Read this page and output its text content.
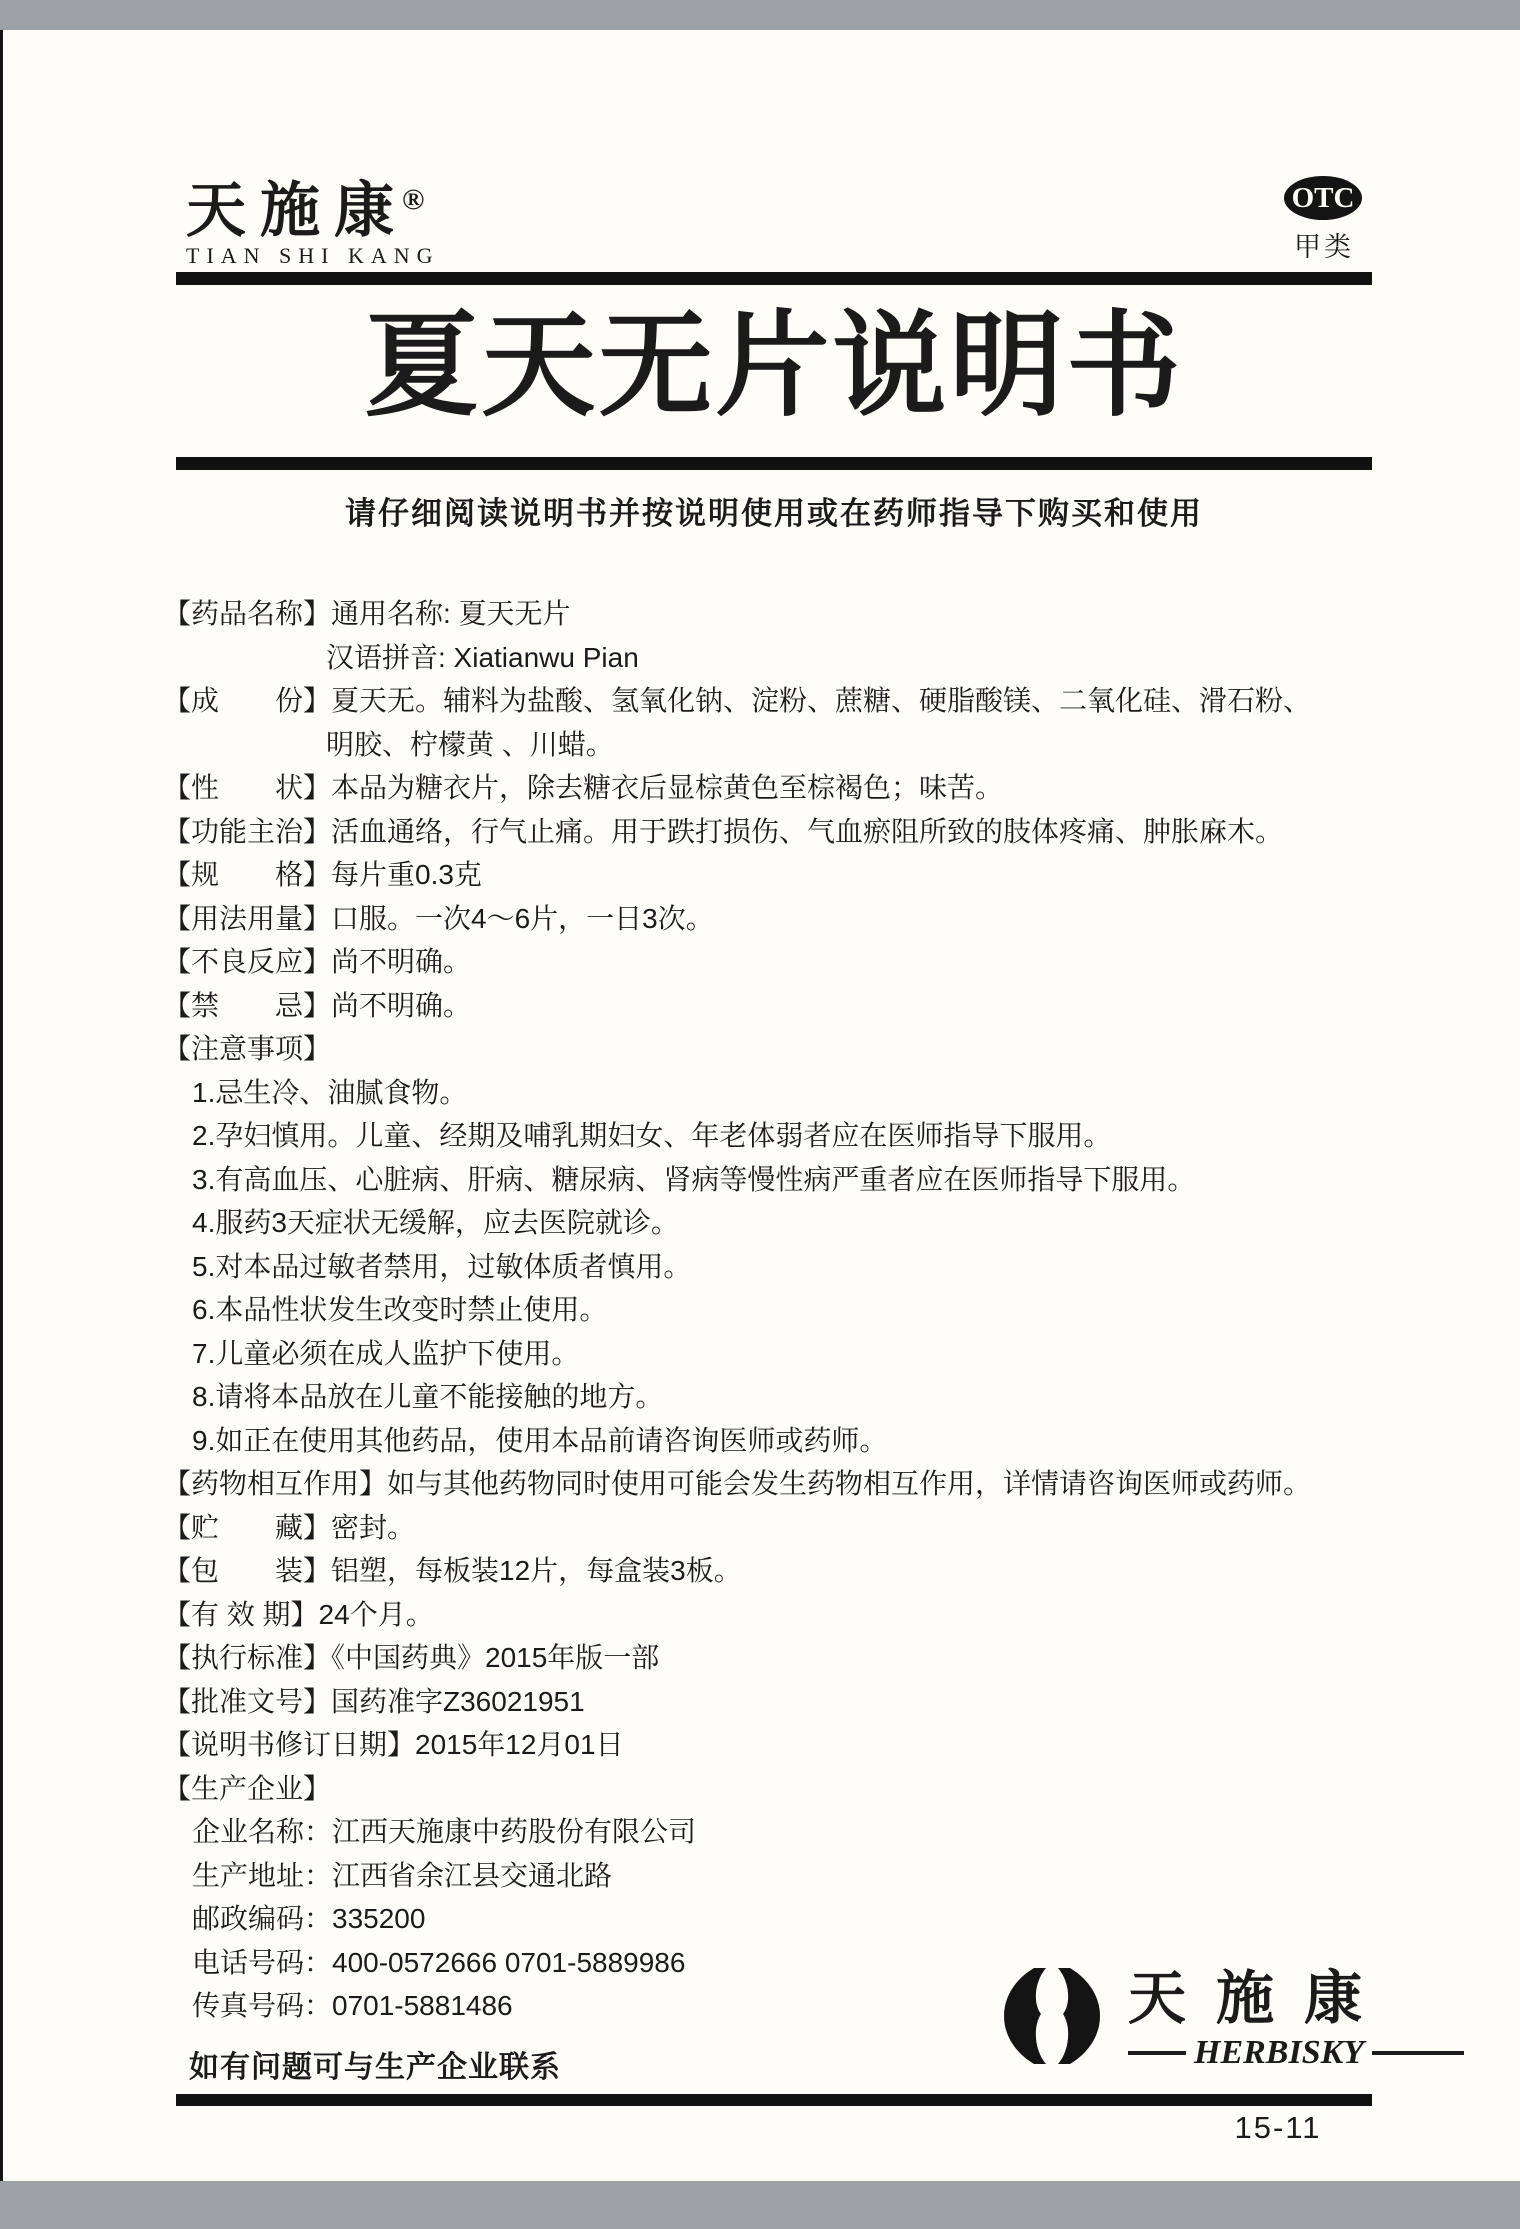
天施康®
TIAN SHI KANG
OTC
甲类
夏天无片说明书
请仔细阅读说明书并按说明使用或在药师指导下购买和使用
【药品名称】通用名称: 夏天无片
汉语拼音: Xiatianwu Pian
【成　　份】夏天无。辅料为盐酸、氢氧化钠、淀粉、蔗糖、硬脂酸镁、二氧化硅、滑石粉、
明胶、柠檬黄 、川蜡。
【性　　状】本品为糖衣片，除去糖衣后显棕黄色至棕褐色；味苦。
【功能主治】活血通络，行气止痛。用于跌打损伤、气血瘀阻所致的肢体疼痛、肿胀麻木。
【规　　格】每片重0.3克
【用法用量】口服。一次4～6片，一日3次。
【不良反应】尚不明确。
【禁　　忌】尚不明确。
【注意事项】
1.忌生冷、油腻食物。
2.孕妇慎用。儿童、经期及哺乳期妇女、年老体弱者应在医师指导下服用。
3.有高血压、心脏病、肝病、糖尿病、肾病等慢性病严重者应在医师指导下服用。
4.服药3天症状无缓解，应去医院就诊。
5.对本品过敏者禁用，过敏体质者慎用。
6.本品性状发生改变时禁止使用。
7.儿童必须在成人监护下使用。
8.请将本品放在儿童不能接触的地方。
9.如正在使用其他药品，使用本品前请咨询医师或药师。
【药物相互作用】如与其他药物同时使用可能会发生药物相互作用，详情请咨询医师或药师。
【贮　　藏】密封。
【包　　装】铝塑，每板装12片，每盒装3板。
【有 效 期】24个月。
【执行标准】《中国药典》2015年版一部
【批准文号】国药准字Z36021951
【说明书修订日期】2015年12月01日
【生产企业】
企业名称：江西天施康中药股份有限公司
生产地址：江西省余江县交通北路
邮政编码：335200
电话号码：400-0572666 0701-5889986
传真号码：0701-5881486
如有问题可与生产企业联系
天施康
HERBISKY
15-11
